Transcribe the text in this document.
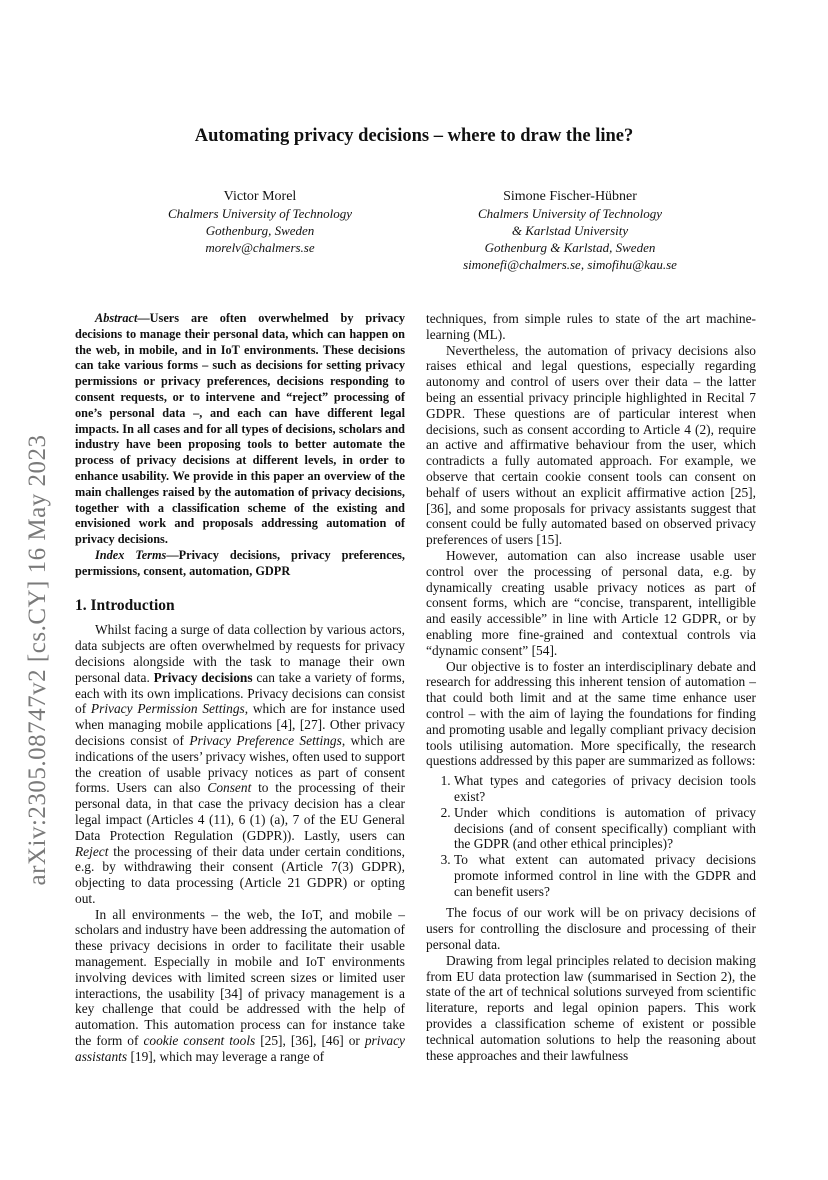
arXiv:2305.08747v2 [cs.CY] 16 May 2023
Automating privacy decisions – where to draw the line?
Victor Morel
Chalmers University of Technology
Gothenburg, Sweden
morelv@chalmers.se
Simone Fischer-Hübner
Chalmers University of Technology
& Karlstad University
Gothenburg & Karlstad, Sweden
simonefi@chalmers.se, simofihu@kau.se

Abstract—Users are often overwhelmed by privacy decisions to manage their personal data, which can happen on the web, in mobile, and in IoT environments. These decisions can take various forms – such as decisions for setting privacy permissions or privacy preferences, decisions responding to consent requests, or to intervene and “reject” processing of one’s personal data –, and each can have different legal impacts. In all cases and for all types of decisions, scholars and industry have been proposing tools to better automate the process of privacy decisions at different levels, in order to enhance usability. We provide in this paper an overview of the main challenges raised by the automation of privacy decisions, together with a classification scheme of the existing and envisioned work and proposals addressing automation of privacy decisions.

Index Terms—Privacy decisions, privacy preferences, permissions, consent, automation, GDPR

1. Introduction

Whilst facing a surge of data collection by various actors, data subjects are often overwhelmed by requests for privacy decisions alongside with the task to manage their own personal data. Privacy decisions can take a variety of forms, each with its own implications. Privacy decisions can consist of Privacy Permission Settings, which are for instance used when managing mobile applications [4], [27]. Other privacy decisions consist of Privacy Preference Settings, which are indications of the users’ privacy wishes, often used to support the creation of usable privacy notices as part of consent forms. Users can also Consent to the processing of their personal data, in that case the privacy decision has a clear legal impact (Articles 4 (11), 6 (1) (a), 7 of the EU General Data Protection Regulation (GDPR)). Lastly, users can Reject the processing of their data under certain conditions, e.g. by withdrawing their consent (Article 7(3) GDPR), objecting to data processing (Article 21 GDPR) or opting out.

In all environments – the web, the IoT, and mobile – scholars and industry have been addressing the automation of these privacy decisions in order to facilitate their usable management. Especially in mobile and IoT environments involving devices with limited screen sizes or limited user interactions, the usability [34] of privacy management is a key challenge that could be addressed with the help of automation. This automation process can for instance take the form of cookie consent tools [25], [36], [46] or privacy assistants [19], which may leverage a range of

techniques, from simple rules to state of the art machine-learning (ML).

Nevertheless, the automation of privacy decisions also raises ethical and legal questions, especially regarding autonomy and control of users over their data – the latter being an essential privacy principle highlighted in Recital 7 GDPR. These questions are of particular interest when decisions, such as consent according to Article 4 (2), require an active and affirmative behaviour from the user, which contradicts a fully automated approach. For example, we observe that certain cookie consent tools can consent on behalf of users without an explicit affirmative action [25], [36], and some proposals for privacy assistants suggest that consent could be fully automated based on observed privacy preferences of users [15].

However, automation can also increase usable user control over the processing of personal data, e.g. by dynamically creating usable privacy notices as part of consent forms, which are “concise, transparent, intelligible and easily accessible” in line with Article 12 GDPR, or by enabling more fine-grained and contextual controls via “dynamic consent” [54].

Our objective is to foster an interdisciplinary debate and research for addressing this inherent tension of automation – that could both limit and at the same time enhance user control – with the aim of laying the foundations for finding and promoting usable and legally compliant privacy decision tools utilising automation. More specifically, the research questions addressed by this paper are summarized as follows:

1. What types and categories of privacy decision tools exist?
2. Under which conditions is automation of privacy decisions (and of consent specifically) compliant with the GDPR (and other ethical principles)?
3. To what extent can automated privacy decisions promote informed control in line with the GDPR and can benefit users?

The focus of our work will be on privacy decisions of users for controlling the disclosure and processing of their personal data.

Drawing from legal principles related to decision making from EU data protection law (summarised in Section 2), the state of the art of technical solutions surveyed from scientific literature, reports and legal opinion papers. This work provides a classification scheme of existent or possible technical automation solutions to help the reasoning about these approaches and their lawfulness
